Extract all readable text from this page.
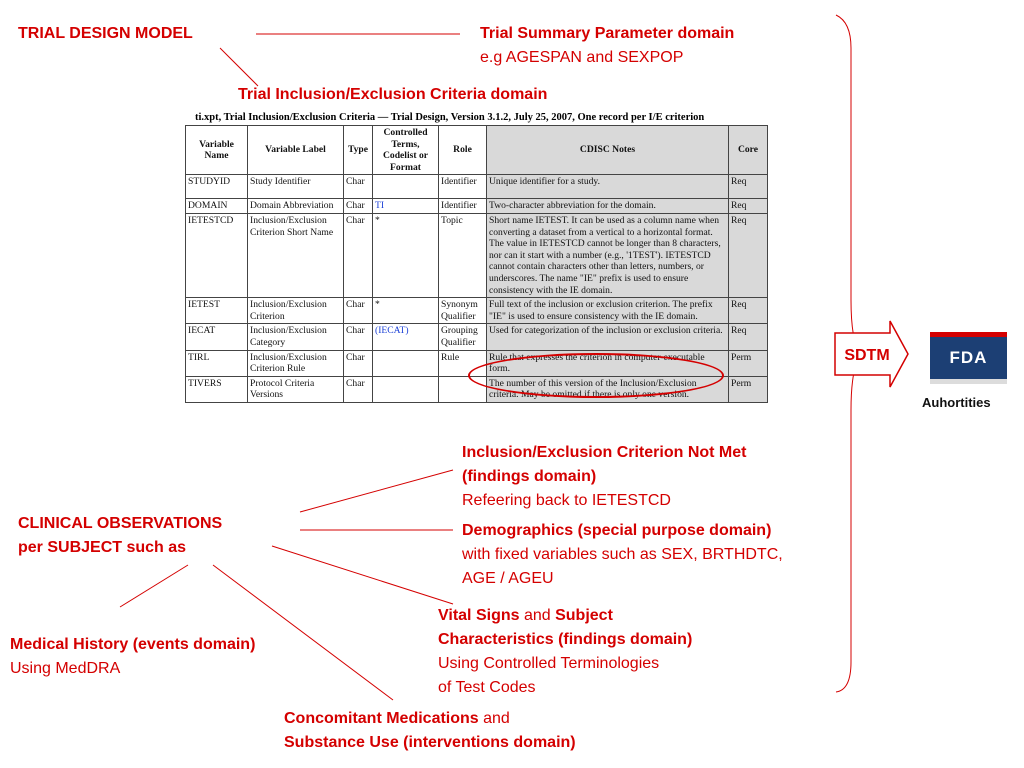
TRIAL DESIGN MODEL	Trial Summary Parameter domain
e.g AGESPAN and SEXPOP
Trial Inclusion/Exclusion Criteria domain
ti.xpt, Trial Inclusion/Exclusion Criteria — Trial Design, Version 3.1.2, July 25, 2007, One record per I/E criterion
Variable Name	Variable Label	Type	Controlled Terms, Codelist or Format	Role	CDISC Notes	Core
STUDYID	Study Identifier	Char		Identifier	Unique identifier for a study.	Req
DOMAIN	Domain Abbreviation	Char	TI	Identifier	Two-character abbreviation for the domain.	Req
IETESTCD	Inclusion/Exclusion Criterion Short Name	Char	*	Topic	Short name IETEST. It can be used as a column name when converting a dataset from a vertical to a horizontal format. The value in IETESTCD cannot be longer than 8 characters, nor can it start with a number (e.g., '1TEST'). IETESTCD cannot contain characters other than letters, numbers, or underscores. The name "IE" prefix is used to ensure consistency with the IE domain.	Req
IETEST	Inclusion/Exclusion Criterion	Char	*	Synonym Qualifier	Full text of the inclusion or exclusion criterion. The prefix "IE" is used to ensure consistency with the IE domain.	Req
IECAT	Inclusion/Exclusion Category	Char	(IECAT)	Grouping Qualifier	Used for categorization of the inclusion or exclusion criteria.	Req
TIRL	Inclusion/Exclusion Criterion Rule	Char		Rule	Rule that expresses the criterion in computer-executable form.	Perm
TIVERS	Protocol Criteria Versions	Char			The number of this version of the Inclusion/Exclusion criteria. May be omitted if there is only one version.	Perm
SDTM	FDA
Auhortities
Inclusion/Exclusion Criterion Not Met
(findings domain)
Refeering back to IETESTCD
Demographics (special purpose domain)
with fixed variables such as SEX, BRTHDTC,
AGE / AGEU
CLINICAL OBSERVATIONS
per SUBJECT such as
Vital Signs and Subject
Characteristics (findings domain)
Using Controlled Terminologies
of Test Codes
Medical History (events domain)
Using MedDRA
Concomitant Medications and
Substance Use (interventions domain)
